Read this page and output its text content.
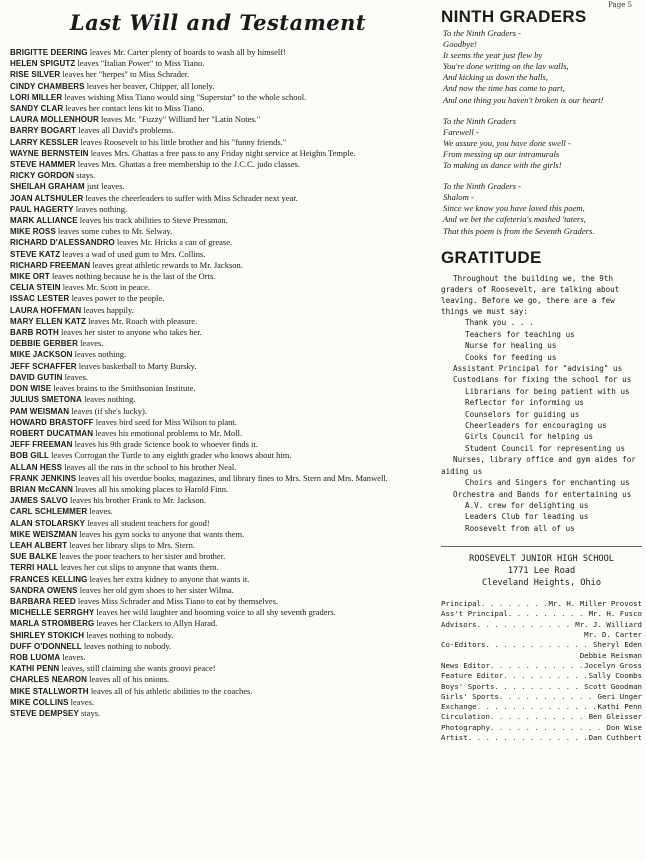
Page 5
Last Will and Testament
BRIGITTE DEERING leaves Mr. Carter plenty of boards to wash all by himself!
HELEN SPIGUTZ leaves "Italian Power" to Miss Tiano.
RISE SILVER leaves her "herpes" to Miss Schrader.
CINDY CHAMBERS leaves her beaver, Chipper, all lonely.
LORI MILLER leaves wishing Miss Tiano would sing "Superstar" to the whole school.
SANDY CLAR leaves her contact lens kit to Miss Tiano.
LAURA MOLLENHOUR leaves Mr. "Fuzzy" Williard her "Latin Notes."
BARRY BOGART leaves all David's problems.
LARRY KESSLER leaves Roosevelt to his little brother and his "funny friends."
WAYNE BERNSTEIN leaves Mrs. Ghattas a free pass to any Friday night service at Heights Temple.
STEVE HAMMER leaves Mrs. Ghattas a free membership to the J.C.C. judo classes.
RICKY GORDON stays.
SHEILAH GRAHAM just leaves.
JOAN ALTSHULER leaves the cheerleaders to suffer with Miss Schrader next year.
PAUL HAGERTY leaves nothing.
MARK ALLIANCE leaves his track abilities to Steve Pressman.
MIKE ROSS leaves some cubes to Mr. Selway.
RICHARD D'ALESSANDRO leaves Mr. Hricks a can of grease.
STEVE KATZ leaves a wad of used gum to Mrs. Collins.
RICHARD FREEMAN leaves great athletic rewards to Mr. Jackson.
MIKE ORT leaves nothing because he is the last of the Orts.
CELIA STEIN leaves Mr. Scott in peace.
ISSAC LESTER leaves power to the people.
LAURA HOFFMAN leaves happily.
MARY ELLEN KATZ leaves Mr. Roach with pleasure.
BARB ROTH leaves her sister to anyone who takes her.
DEBBIE GERBER leaves.
MIKE JACKSON leaves nothing.
JEFF SCHAFFER leaves basketball to Marty Bursky.
DAVID GUTIN leaves.
DON WISE leaves brains to the Smithsonian Institute.
JULIUS SMETONA leaves nothing.
PAM WEISMAN leaves (if she's lucky).
HOWARD BRASTOFF leaves bird seed for Miss Wilson to plant.
ROBERT DUCATMAN leaves his emotional problems to Mr. Moll.
JEFF FREEMAN leaves his 9th grade Science book to whoever finds it.
BOB GILL leaves Corrogan the Turtle to any eighth grader who knows about him.
ALLAN HESS leaves all the rats in the school to his brother Neal.
FRANK JENKINS leaves all his overdue books, magazines, and library fines to Mrs. Stern and Mrs. Manwell.
BRIAN McCANN leaves all his smoking places to Harold Finn.
JAMES SALVO leaves his brother Frank to Mr. Jackson.
CARL SCHLEMMER leaves.
ALAN STOLARSKY leaves all student teachers for good!
MIKE WEISZMAN leaves his gym socks to anyone that wants them.
LEAH ALBERT leaves her library slips to Mrs. Stern.
SUE BALKE leaves the poor teachers to her sister and brother.
TERRI HALL leaves her cut slips to anyone that wants them.
FRANCES KELLING leaves her extra kidney to anyone that wants it.
SANDRA OWENS leaves her old gym shoes to her sister Wilma.
BARBARA REED leaves Miss Schrader and Miss Tiano to eat by themselves.
MICHELLE SERRGHY leaves her wild laughter and booming voice to all shy seventh graders.
MARLA STROMBERG leaves her Clackers to Allyn Harad.
SHIRLEY STOKICH leaves nothing to nobody.
DUFF O'DONNELL leaves nothing to nobody.
ROB LUOMA leaves.
KATHI PENN leaves, still claiming she wants groovi peace!
CHARLES NEARON leaves all of his onions.
MIKE STALLWORTH leaves all of his athletic abilities to the coaches.
MIKE COLLINS leaves.
STEVE DEMPSEY stays.
NINTH GRADERS
To the Ninth Graders -
Goodbye!
It seems the year just flew by
You're done writing on the lav walls,
And kicking us down the halls,
And now the time has come to part,
And one thing you haven't broken is our heart!
To the Ninth Graders
Farewell -
We assure you, you have done swell -
From messing up our intramurals
To making us dance with the girls!
To the Ninth Graders -
Shalom -
Since we know you have loved this poem,
And we bet the cafeteria's mashed 'taters,
That this poem is from the Seventh Graders.
GRATITUDE

Throughout the building we, the 9th graders of Roosevelt, are talking about leaving. Before we go, there are a few things we must say:

Thank you . . .
Teachers for teaching us
Nurse for healing us
Cooks for feeding us
Assistant Principal for "advising" us
Custodians for fixing the school for us
Librarians for being patient with us
Reflector for informing us
Counselors for guiding us
Cheerleaders for encouraging us
Girls Council for helping us
Student Council for representing us
Nurses, library office and gym aides for aiding us
Choirs and Singers for enchanting us
Orchestra and Bands for entertaining us
A.V. crew for delighting us
Leaders Club for leading us
Roosevelt from all of us

ROOSEVELT JUNIOR HIGH SCHOOL

1771 Lee Road

Cleveland Heights, Ohio

Principal . . .	Mr. H. Miller Provost
Ass't Principal . . .	Mr. H. Fusco
Advisors . . .	Mr. J. Williard
Mr. D. Carter
Co-Editors . . .	Sheryl Eden
Debbie Reisman
News Editor . . .	Jocelyn Gross
Feature Editor . . .	Sally Coombs
Boys' Sports . . .	Scott Goodman
Girls' Sports . . .	Geri Unger
Exchange . . .	Kathi Penn
Circulation . . .	Ben Gleisser
Photography . . .	Don Wise
Artist . . .	Dan Cuthbert
